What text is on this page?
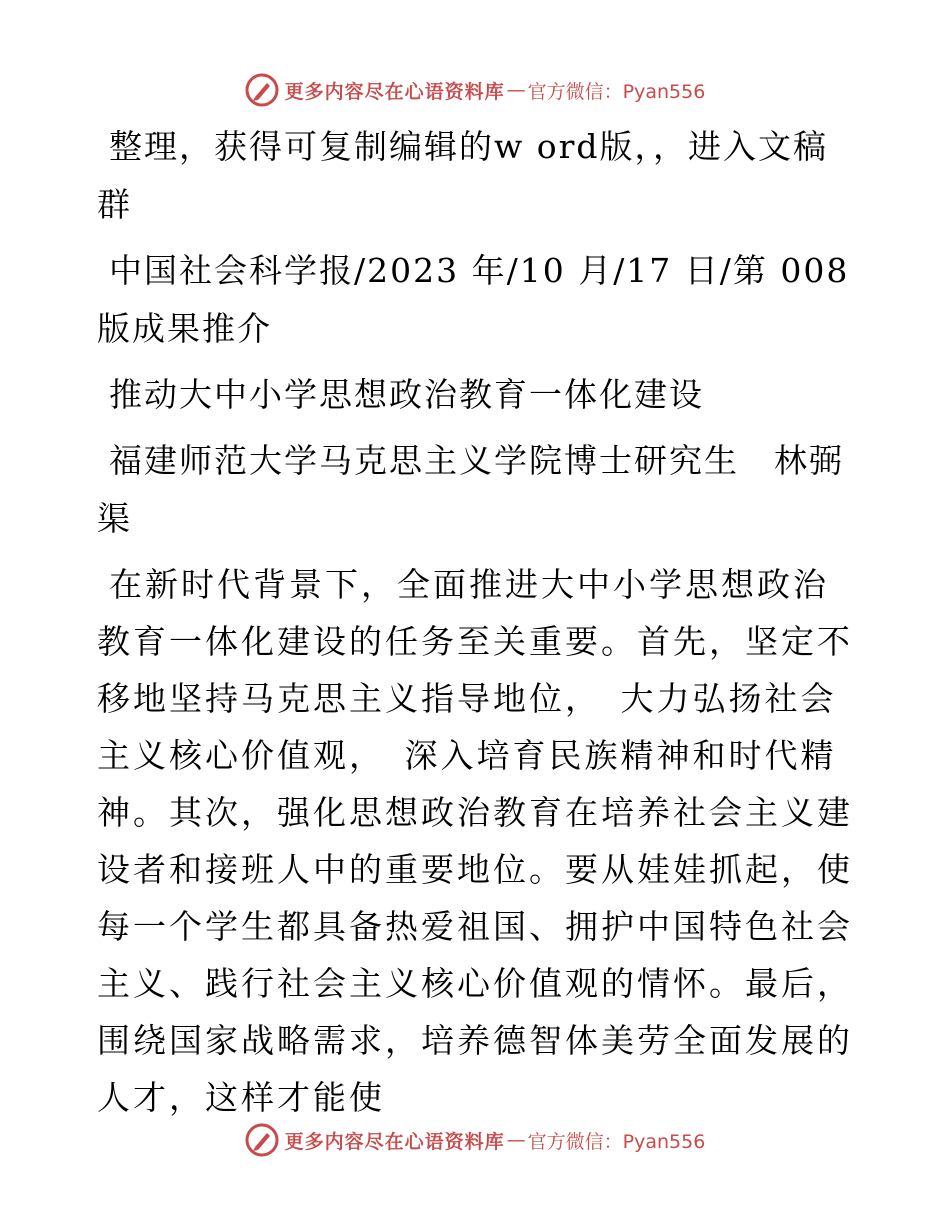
更多内容尽在心语资料库 — 官方微信：Pyan556

整理，获得可复制编辑的w ord版，，进入文稿群

中国社会科学报/2023 年/10 月/17 日/第 008 版成果推介

推动大中小学思想政治教育一体化建设

福建师范大学马克思主义学院博士研究生　林弼渠

在新时代背景下，全面推进大中小学思想政治教育一体化建设的任务至关重要。首先，坚定不移地坚持马克思主义指导地位，　大力弘扬社会主义核心价值观，　深入培育民族精神和时代精神。其次，强化思想政治教育在培养社会主义建设者和接班人中的重要地位。要从娃娃抓起，使每一个学生都具备热爱祖国、拥护中国特色社会主义、践行社会主义核心价值观的情怀。最后，围绕国家战略需求，培养德智体美劳全面发展的人才，这样才能使

更多内容尽在心语资料库 — 官方微信：Pyan556
